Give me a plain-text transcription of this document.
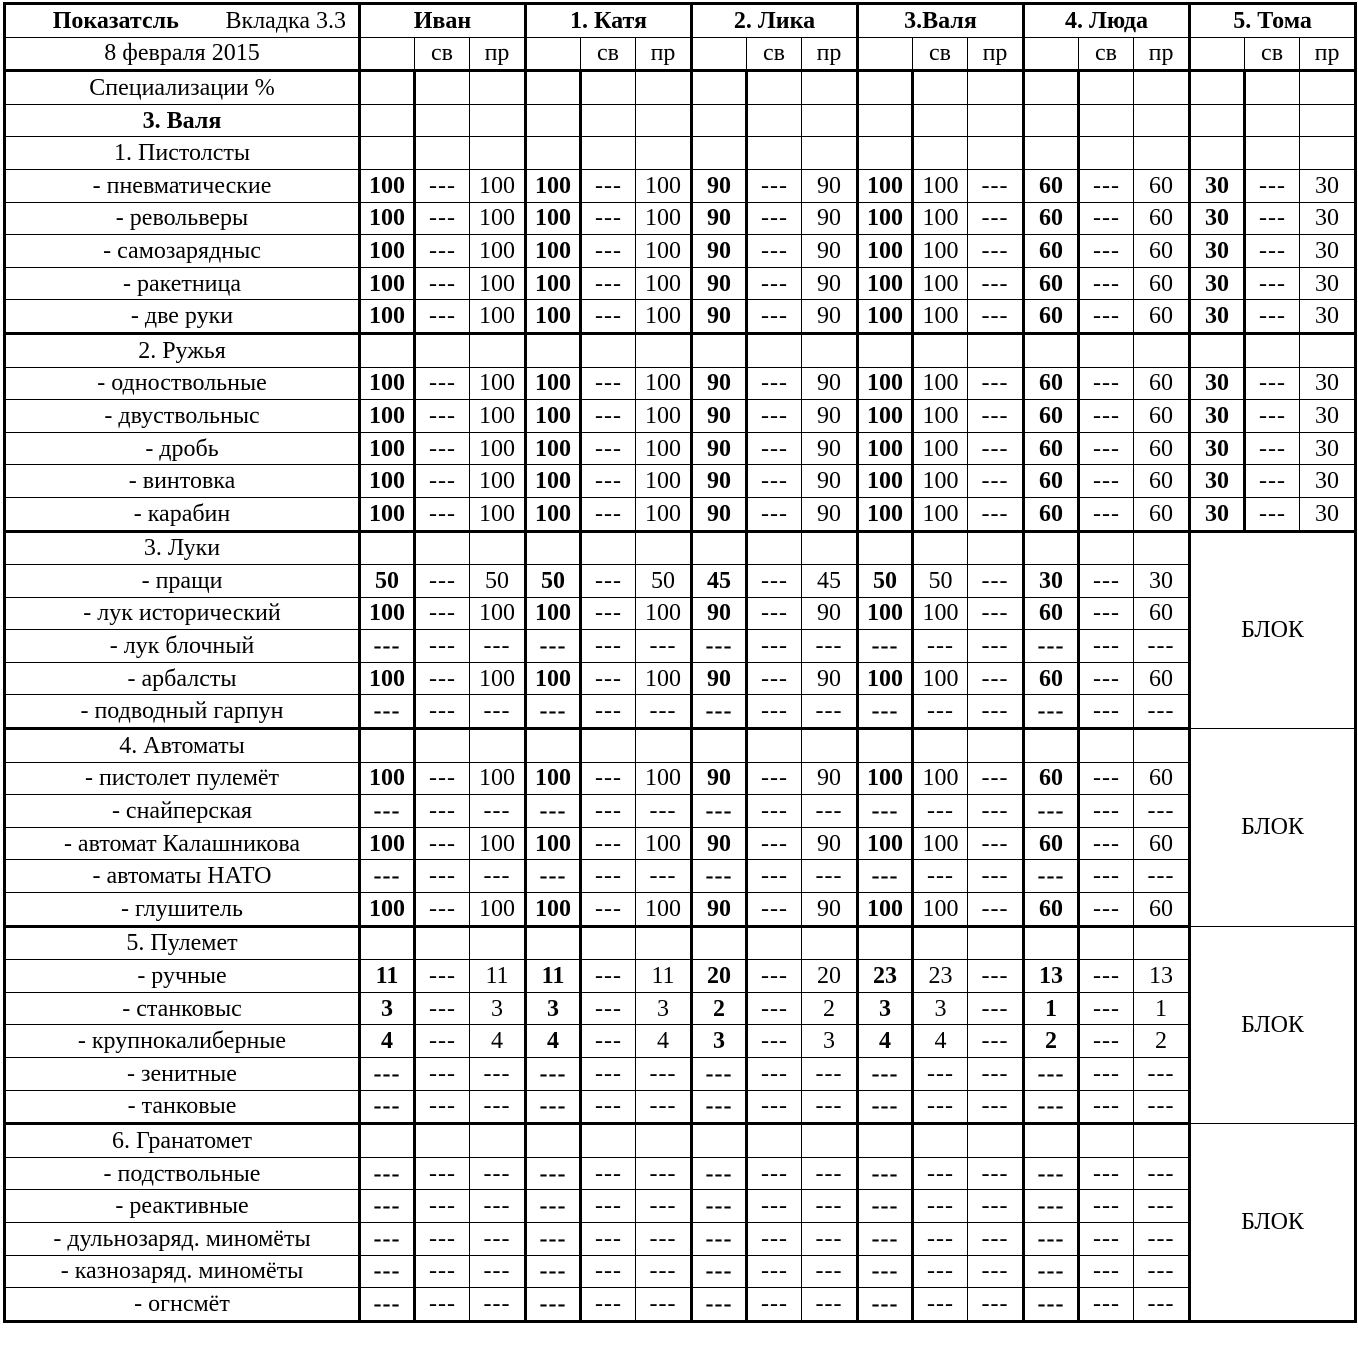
Показатсль Вкладка 3.3	Иван			1. Катя			2. Лика			3.Валя			4. Люда			5. Тома		
8 февраля 2015		св	пр		св	пр		св	пр		св	пр		св	пр		св	пр
Специализации %																		
3. Валя																		
1. Пистолсты																		
- пневматические	100	---	100	100	---	100	90	---	90	100	100	---	60	---	60	30	---	30
- револьверы	100	---	100	100	---	100	90	---	90	100	100	---	60	---	60	30	---	30
- самозарядныс	100	---	100	100	---	100	90	---	90	100	100	---	60	---	60	30	---	30
- ракетница	100	---	100	100	---	100	90	---	90	100	100	---	60	---	60	30	---	30
- две руки	100	---	100	100	---	100	90	---	90	100	100	---	60	---	60	30	---	30
2. Ружья																		
- одноствольные	100	---	100	100	---	100	90	---	90	100	100	---	60	---	60	30	---	30
- двуствольныс	100	---	100	100	---	100	90	---	90	100	100	---	60	---	60	30	---	30
- дробь	100	---	100	100	---	100	90	---	90	100	100	---	60	---	60	30	---	30
- винтовка	100	---	100	100	---	100	90	---	90	100	100	---	60	---	60	30	---	30
- карабин	100	---	100	100	---	100	90	---	90	100	100	---	60	---	60	30	---	30
3. Луки																БЛОК		
- пращи	50	---	50	50	---	50	45	---	45	50	50	---	30	---	30			
- лук исторический	100	---	100	100	---	100	90	---	90	100	100	---	60	---	60			
- лук блочный	---	---	---	---	---	---	---	---	---	---	---	---	---	---	---			
- арбалсты	100	---	100	100	---	100	90	---	90	100	100	---	60	---	60			
- подводный гарпун	---	---	---	---	---	---	---	---	---	---	---	---	---	---	---			
4. Автоматы																БЛОК		
- пистолет пулемёт	100	---	100	100	---	100	90	---	90	100	100	---	60	---	60			
- снайперская	---	---	---	---	---	---	---	---	---	---	---	---	---	---	---			
- автомат Калашникова	100	---	100	100	---	100	90	---	90	100	100	---	60	---	60			
- автоматы НАТО	---	---	---	---	---	---	---	---	---	---	---	---	---	---	---			
- глушитель	100	---	100	100	---	100	90	---	90	100	100	---	60	---	60			
5. Пулемет																БЛОК		
- ручные	11	---	11	11	---	11	20	---	20	23	23	---	13	---	13			
- станковыс	3	---	3	3	---	3	2	---	2	3	3	---	1	---	1			
- крупнокалиберные	4	---	4	4	---	4	3	---	3	4	4	---	2	---	2			
- зенитные	---	---	---	---	---	---	---	---	---	---	---	---	---	---	---			
- танковые	---	---	---	---	---	---	---	---	---	---	---	---	---	---	---			
6. Гранатомет																БЛОК		
- подствольные	---	---	---	---	---	---	---	---	---	---	---	---	---	---	---			
- реактивные	---	---	---	---	---	---	---	---	---	---	---	---	---	---	---			
- дульнозаряд. миномёты	---	---	---	---	---	---	---	---	---	---	---	---	---	---	---			
- казнозаряд. миномёты	---	---	---	---	---	---	---	---	---	---	---	---	---	---	---			
- огнсмёт	---	---	---	---	---	---	---	---	---	---	---	---	---	---	---			
